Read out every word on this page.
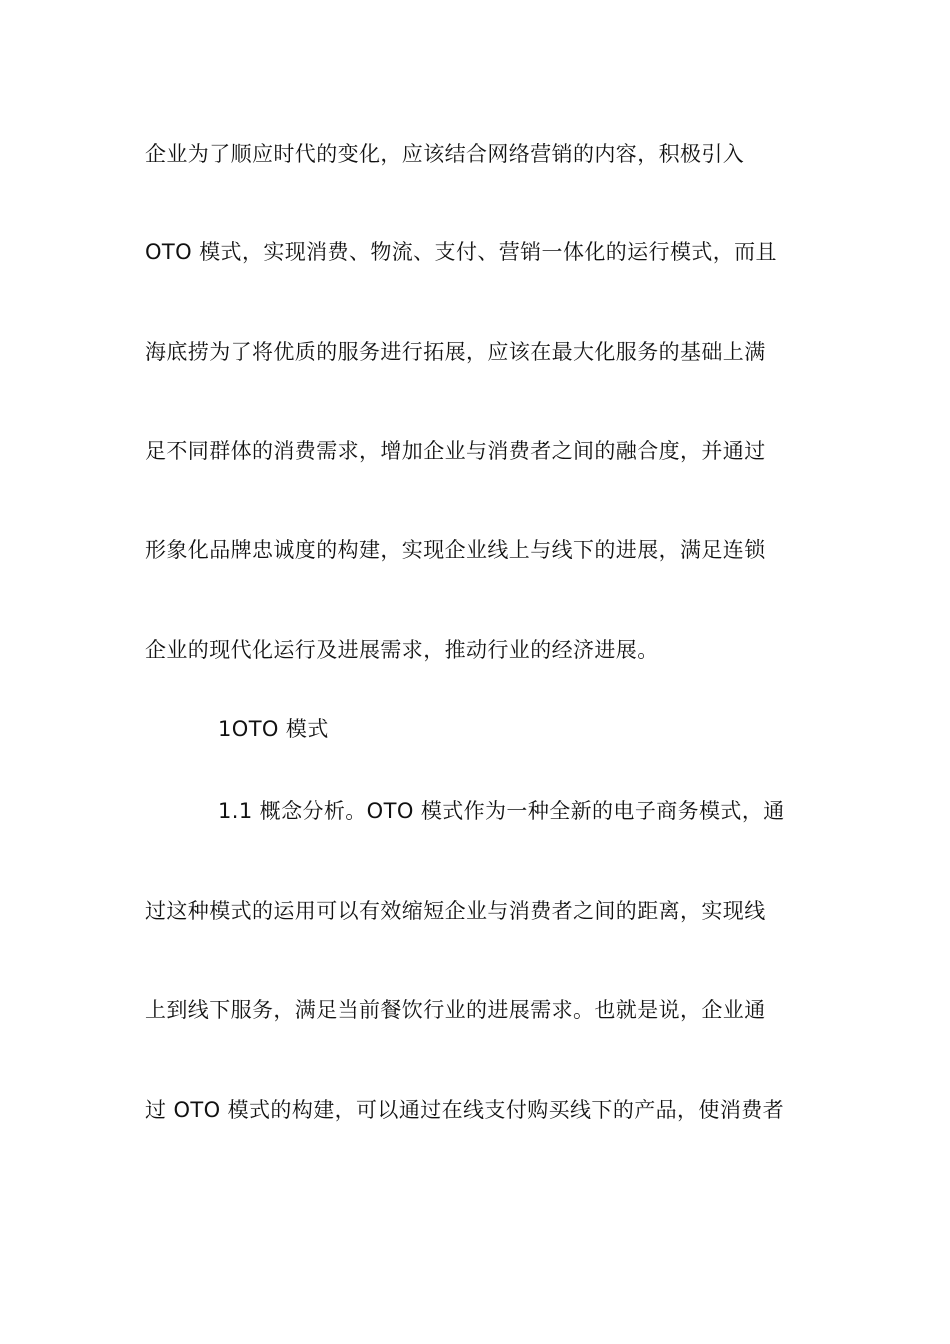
企业为了顺应时代的变化，应该结合网络营销的内容，积极引入
OTO 模式，实现消费、物流、支付、营销一体化的运行模式，而且
海底捞为了将优质的服务进行拓展，应该在最大化服务的基础上满
足不同群体的消费需求，增加企业与消费者之间的融合度，并通过
形象化品牌忠诚度的构建，实现企业线上与线下的进展，满足连锁
企业的现代化运行及进展需求，推动行业的经济进展。
1OTO 模式
1.1 概念分析。OTO 模式作为一种全新的电子商务模式，通
过这种模式的运用可以有效缩短企业与消费者之间的距离，实现线
上到线下服务，满足当前餐饮行业的进展需求。也就是说，企业通
过 OTO 模式的构建，可以通过在线支付购买线下的产品，使消费者
